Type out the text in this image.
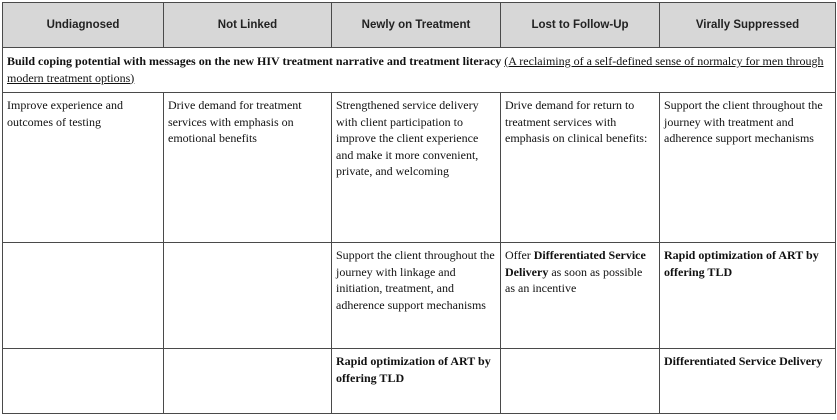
Undiagnosed	Not Linked	Newly on Treatment	Lost to Follow-Up	Virally Suppressed
Build coping potential with messages on the new HIV treatment narrative and treatment literacy (A reclaiming of a self-defined sense of normalcy for men through modern treatment options)				
Improve experience and outcomes of testing	Drive demand for treatment services with emphasis on emotional benefits	Strengthened service delivery with client participation to improve the client experience and make it more convenient, private, and welcoming	Drive demand for return to treatment services with emphasis on clinical benefits:	Support the client throughout the journey with treatment and adherence support mechanisms
		Support the client throughout the journey with linkage and initiation, treatment, and adherence support mechanisms	Offer Differentiated Service Delivery as soon as possible as an incentive	Rapid optimization of ART by offering TLD
		Rapid optimization of ART by offering TLD		Differentiated Service Delivery
